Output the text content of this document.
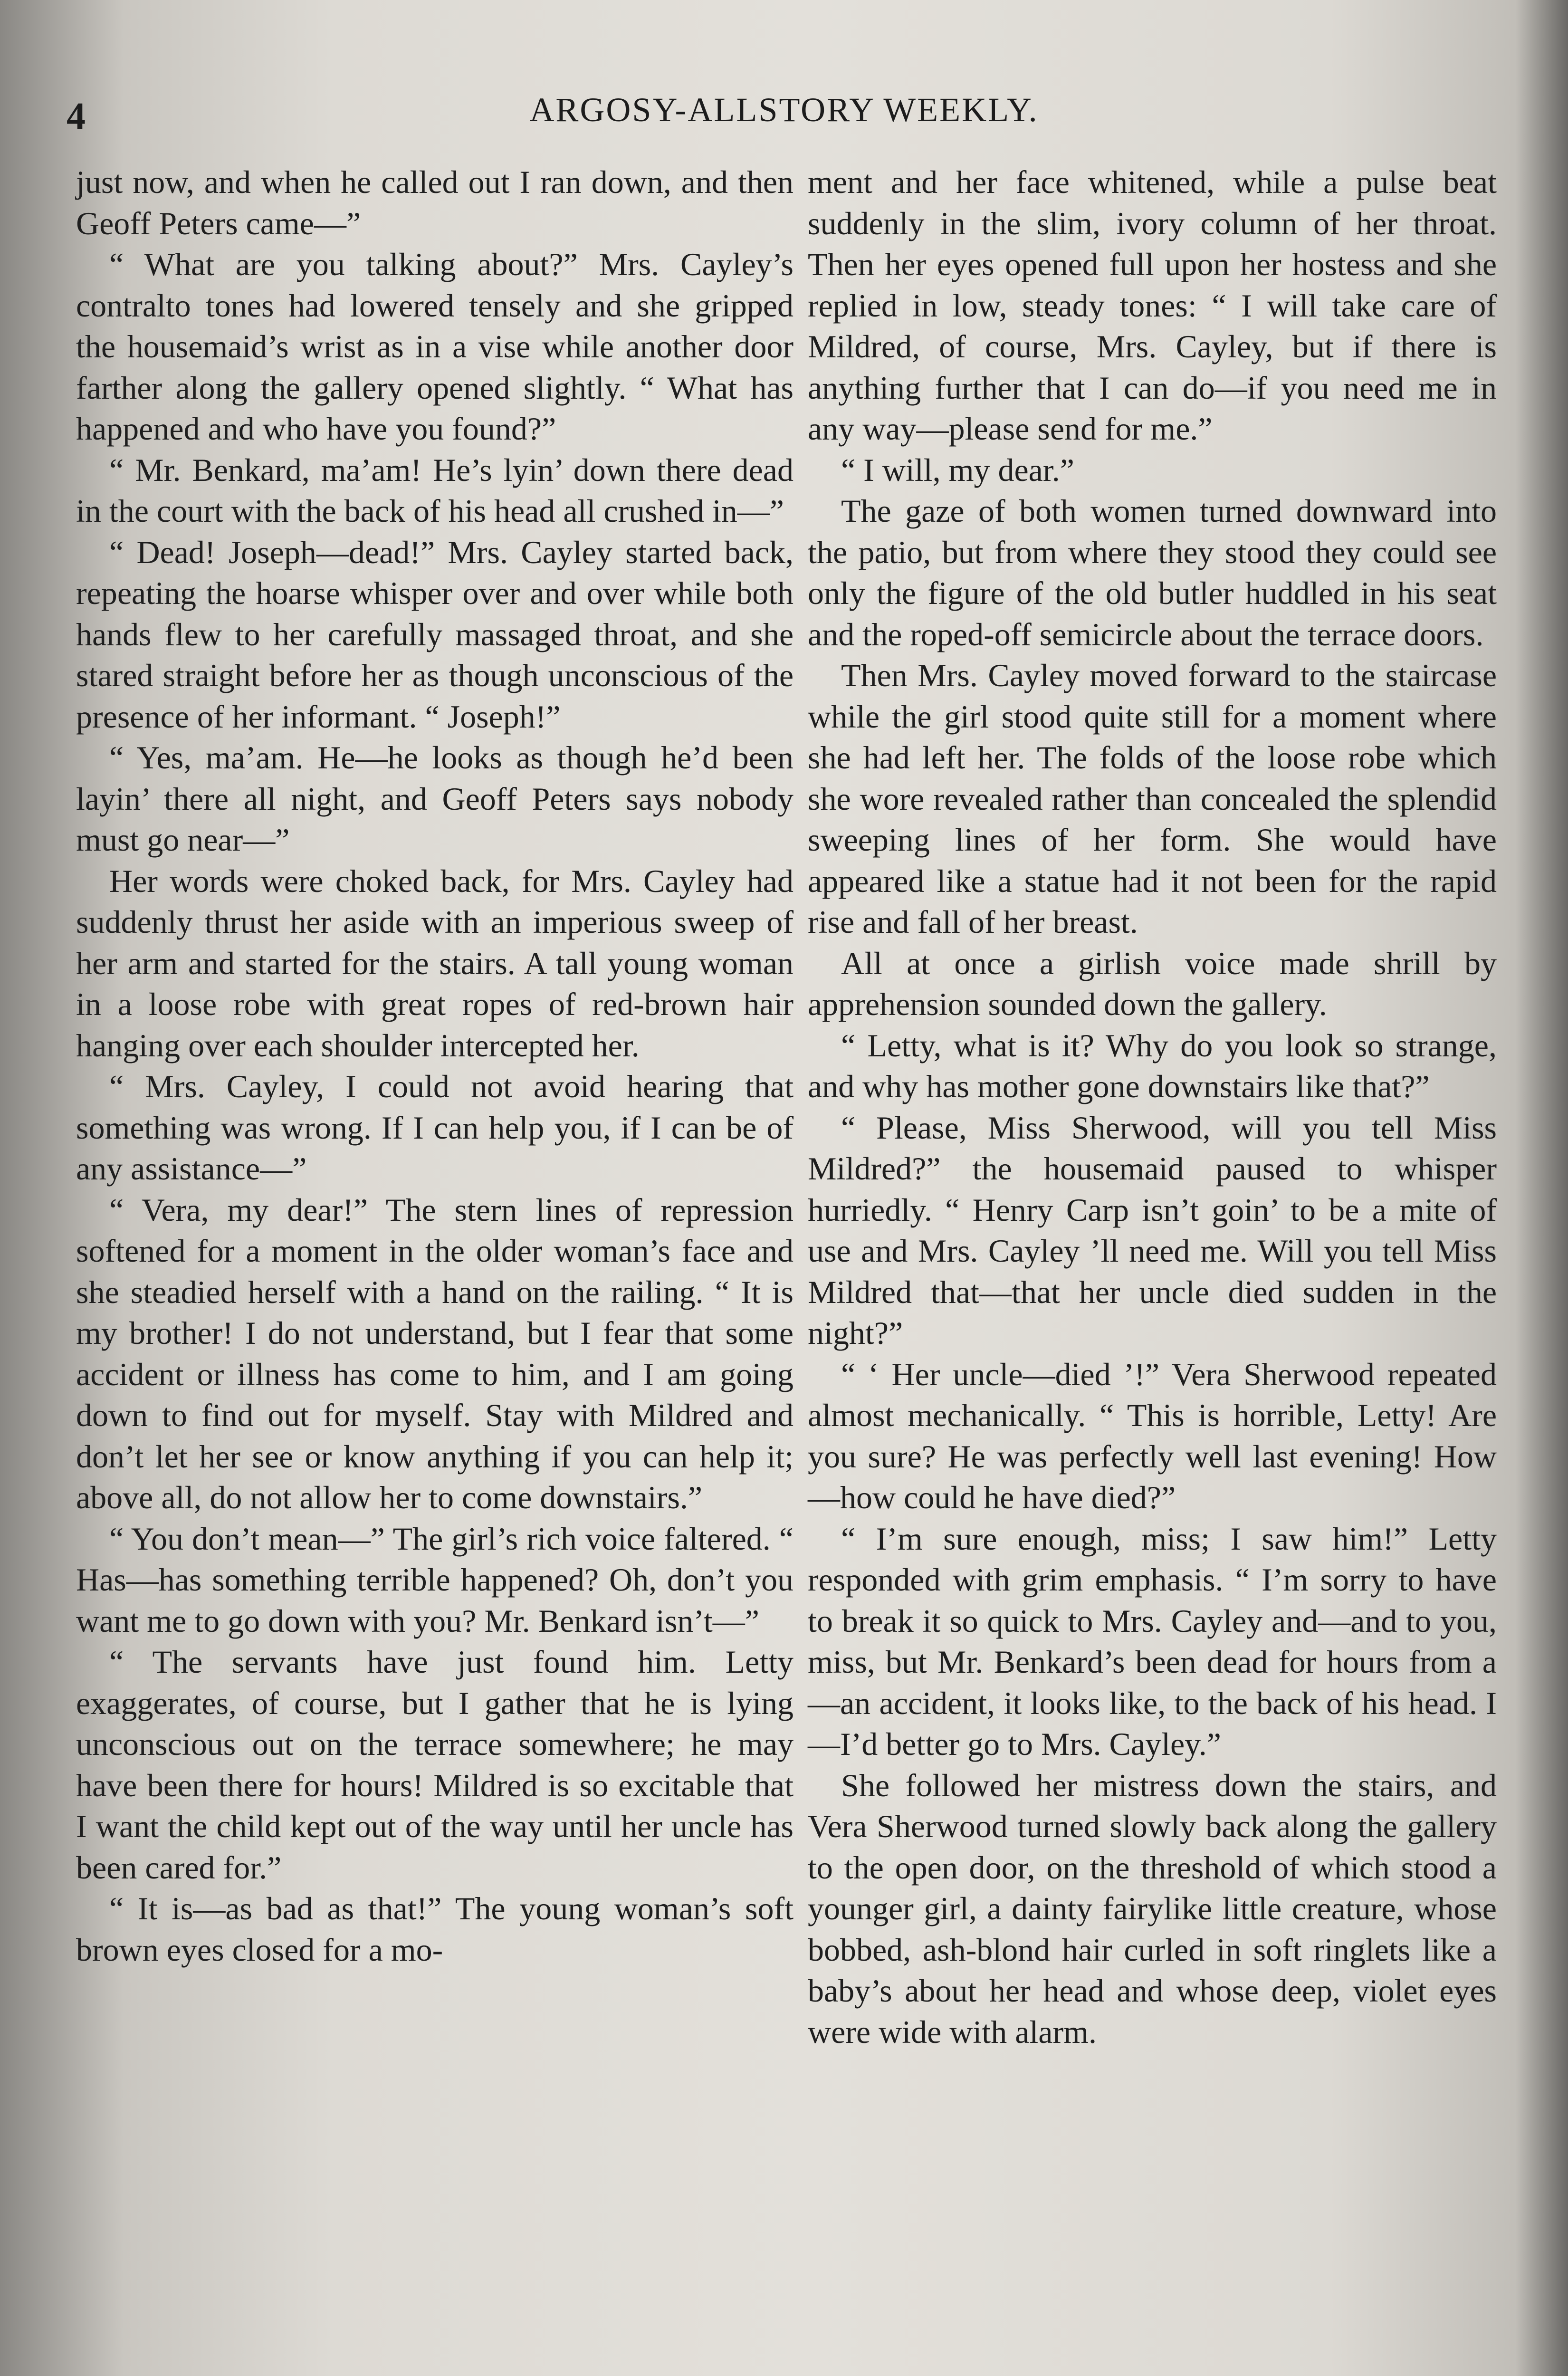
4	ARGOSY-ALLSTORY WEEKLY.

just now, and when he called out I ran down, and then Geoff Peters came—”

“ What are you talking about?” Mrs. Cayley’s contralto tones had lowered tensely and she gripped the housemaid’s wrist as in a vise while another door farther along the gallery opened slightly. “ What has happened and who have you found?”

“ Mr. Benkard, ma’am! He’s lyin’ down there dead in the court with the back of his head all crushed in—”

“ Dead! Joseph—dead!” Mrs. Cayley started back, repeating the hoarse whisper over and over while both hands flew to her carefully massaged throat, and she stared straight before her as though unconscious of the presence of her informant. “ Joseph!”

“ Yes, ma’am. He—he looks as though he’d been layin’ there all night, and Geoff Peters says nobody must go near—”

Her words were choked back, for Mrs. Cayley had suddenly thrust her aside with an imperious sweep of her arm and started for the stairs. A tall young woman in a loose robe with great ropes of red-brown hair hanging over each shoulder intercepted her.

“ Mrs. Cayley, I could not avoid hearing that something was wrong. If I can help you, if I can be of any assistance—”

“ Vera, my dear!” The stern lines of repression softened for a moment in the older woman’s face and she steadied herself with a hand on the railing. “ It is my brother! I do not understand, but I fear that some accident or illness has come to him, and I am going down to find out for myself. Stay with Mildred and don’t let her see or know anything if you can help it; above all, do not allow her to come downstairs.”

“ You don’t mean—” The girl’s rich voice faltered. “ Has—has something terrible happened? Oh, don’t you want me to go down with you? Mr. Benkard isn’t—”

“ The servants have just found him. Letty exaggerates, of course, but I gather that he is lying unconscious out on the terrace somewhere; he may have been there for hours! Mildred is so excitable that I want the child kept out of the way until her uncle has been cared for.”

“ It is—as bad as that!” The young woman’s soft brown eyes closed for a mo-

ment and her face whitened, while a pulse beat suddenly in the slim, ivory column of her throat. Then her eyes opened full upon her hostess and she replied in low, steady tones: “ I will take care of Mildred, of course, Mrs. Cayley, but if there is anything further that I can do—if you need me in any way—please send for me.”

“ I will, my dear.”

The gaze of both women turned downward into the patio, but from where they stood they could see only the figure of the old butler huddled in his seat and the roped-off semicircle about the terrace doors.

Then Mrs. Cayley moved forward to the staircase while the girl stood quite still for a moment where she had left her. The folds of the loose robe which she wore revealed rather than concealed the splendid sweeping lines of her form. She would have appeared like a statue had it not been for the rapid rise and fall of her breast.

All at once a girlish voice made shrill by apprehension sounded down the gallery.

“ Letty, what is it? Why do you look so strange, and why has mother gone downstairs like that?”

“ Please, Miss Sherwood, will you tell Miss Mildred?” the housemaid paused to whisper hurriedly. “ Henry Carp isn’t goin’ to be a mite of use and Mrs. Cayley ’ll need me. Will you tell Miss Mildred that—that her uncle died sudden in the night?”

“ ‘ Her uncle—died ’!” Vera Sherwood repeated almost mechanically. “ This is horrible, Letty! Are you sure? He was perfectly well last evening! How—how could he have died?”

“ I’m sure enough, miss; I saw him!” Letty responded with grim emphasis. “ I’m sorry to have to break it so quick to Mrs. Cayley and—and to you, miss, but Mr. Benkard’s been dead for hours from a—an accident, it looks like, to the back of his head. I—I’d better go to Mrs. Cayley.”

She followed her mistress down the stairs, and Vera Sherwood turned slowly back along the gallery to the open door, on the threshold of which stood a younger girl, a dainty fairylike little creature, whose bobbed, ash-blond hair curled in soft ringlets like a baby’s about her head and whose deep, violet eyes were wide with alarm.
